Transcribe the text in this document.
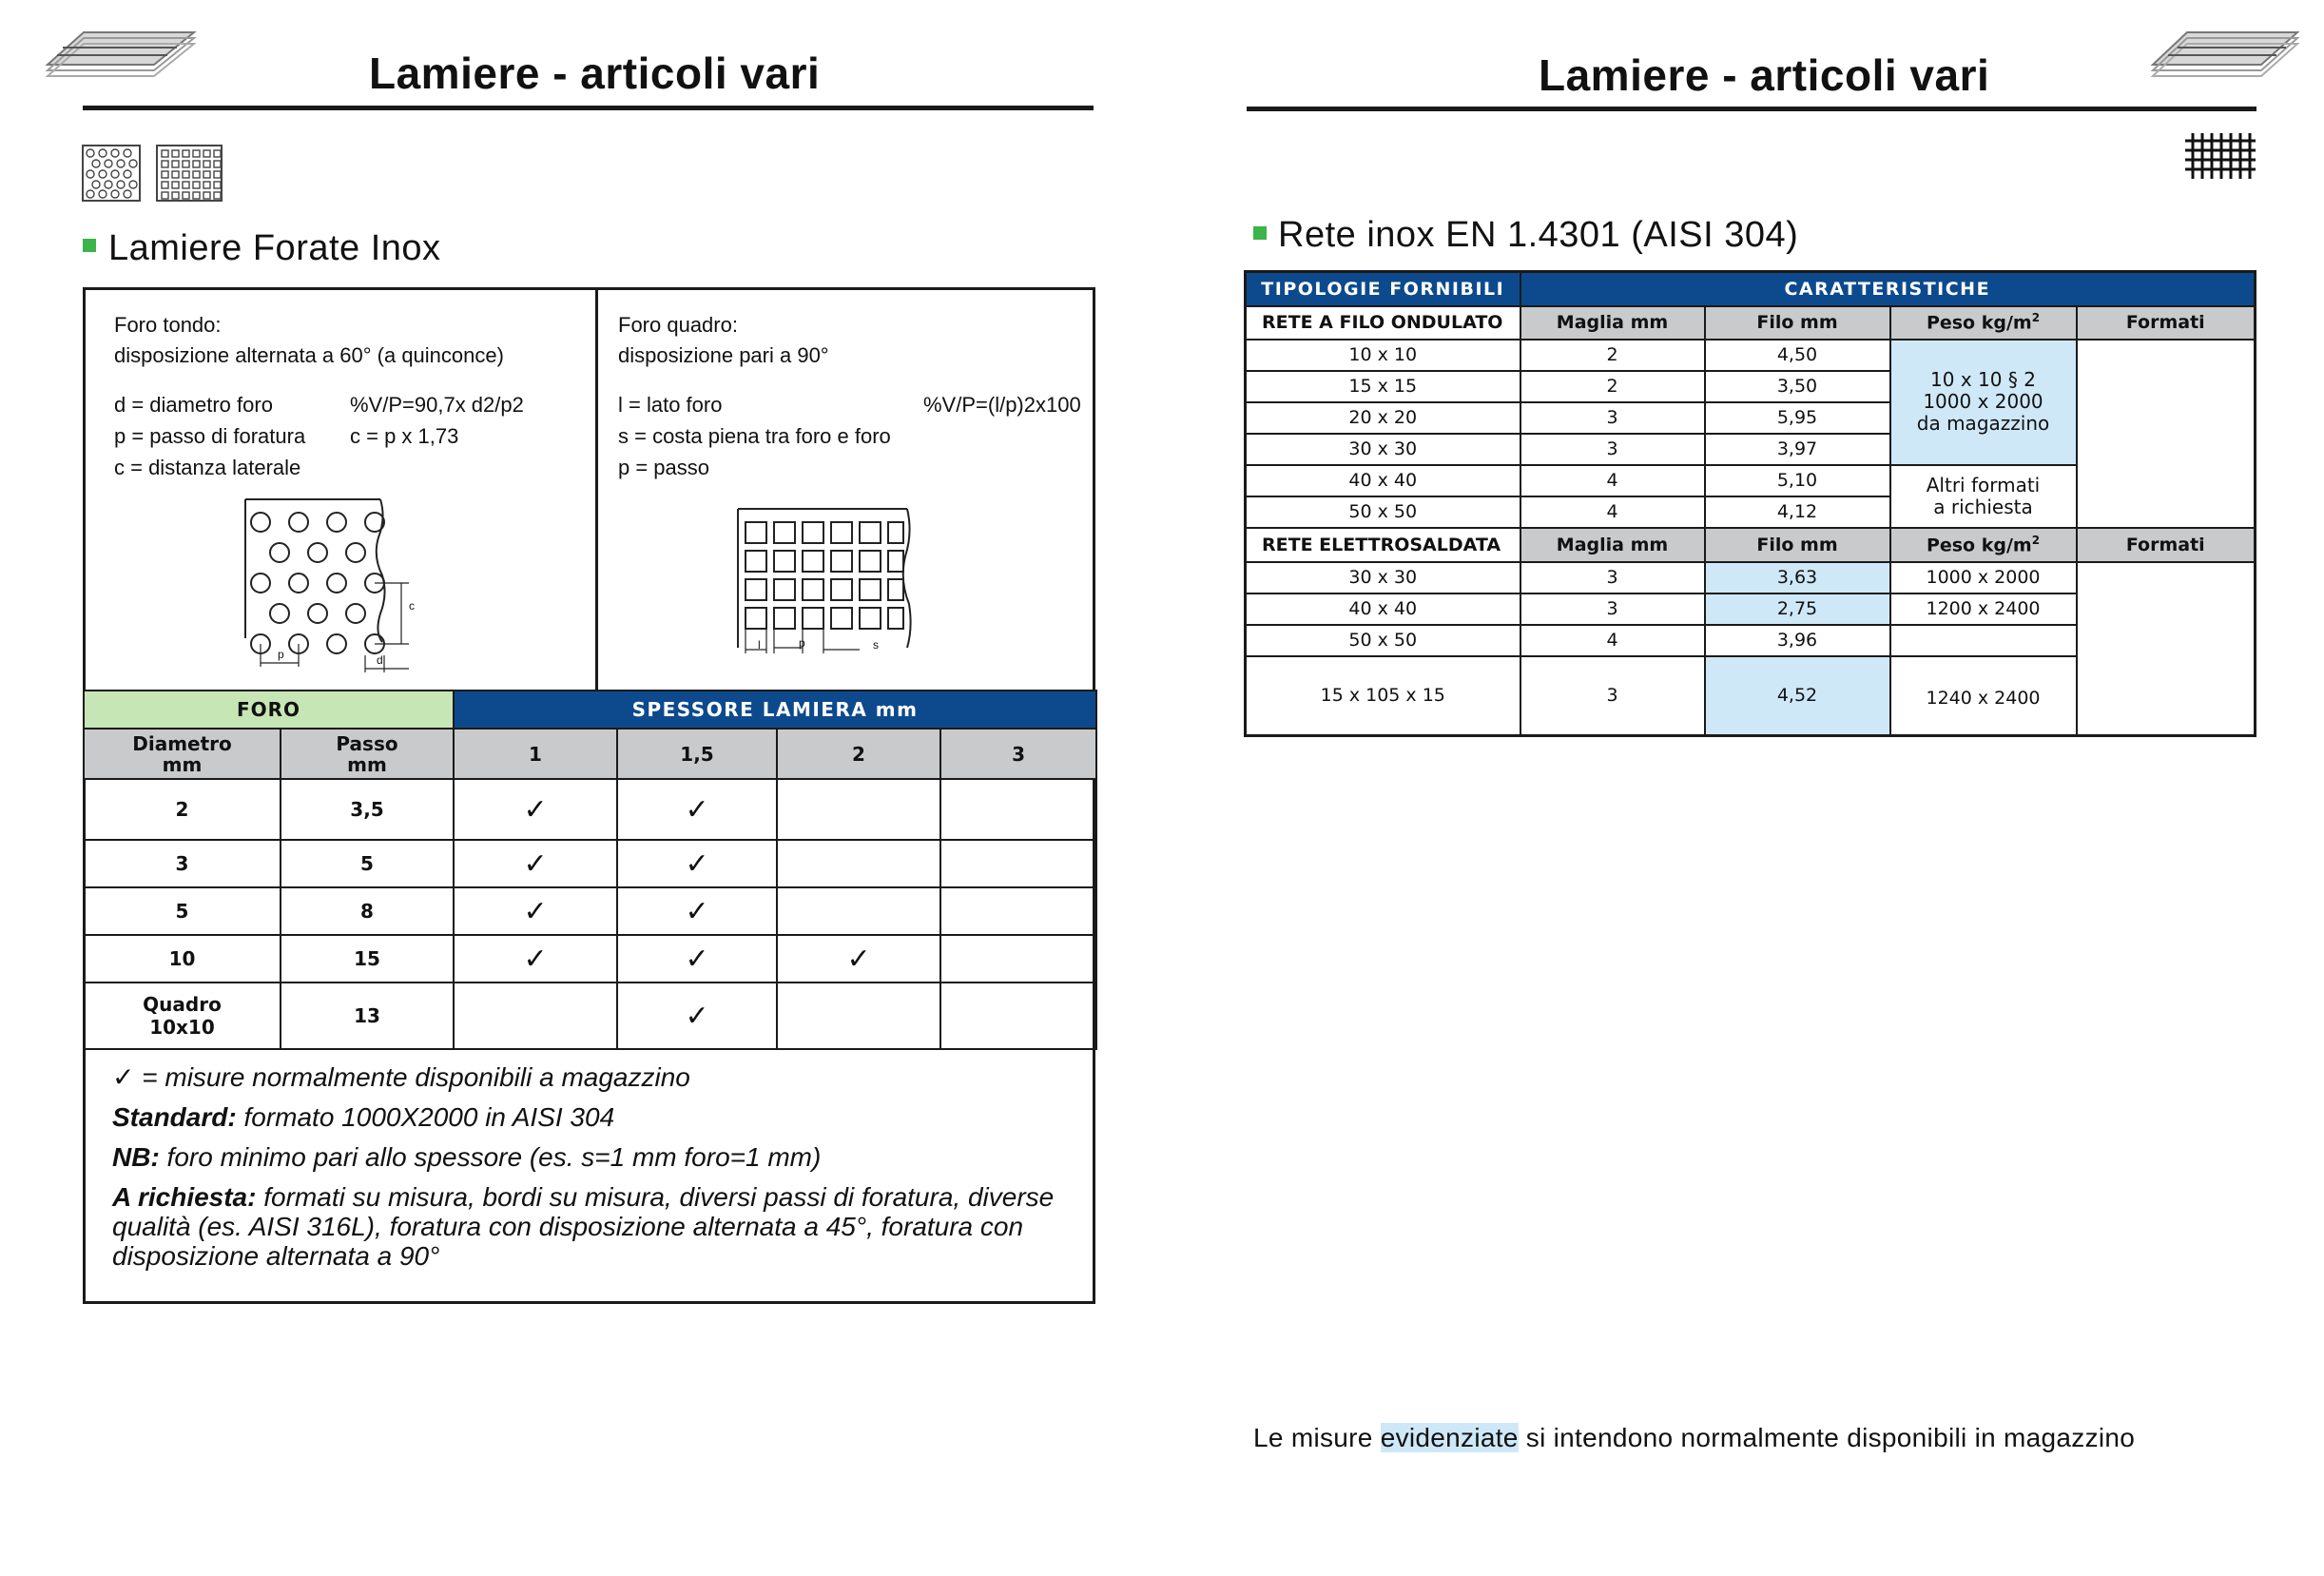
Lamiere - articoli vari
Lamiere Forate Inox
Foro tondo:
disposizione alternata a 60° (a quinconce)
d = diametro foro	%V/P=90,7x d2/p2
p = passo di foratura c = p x 1,73
c = distanza laterale
p	d
c
Foro quadro:
disposizione pari a 90°
l = lato foro	%V/P=(l/p)2x100
s = costa piena tra foro e foro
p = passo
l	p	s
FORO		SPESSORE LAMIERA mm			
Diametro
mm	Passo
mm	1	1,5	2	3
2	3,5	✓	✓		
3	5	✓	✓		
5	8	✓	✓		
10	15	✓	✓	✓	
Quadro
10x10	13		✓		
✓ = misure normalmente disponibili a magazzino
Standard: formato 1000X2000 in AISI 304
NB: foro minimo pari allo spessore (es. s=1 mm foro=1 mm)
A richiesta: formati su misura, bordi su misura, diversi passi di foratura, diverse qualità (es. AISI 316L), foratura con disposizione alternata a 45°, foratura con disposizione alternata a 90°
Lamiere - articoli vari
Rete inox EN 1.4301 (AISI 304)
TIPOLOGIE FORNIBILI	CARATTERISTICHE			
RETE A FILO ONDULATO	Maglia mm	Filo mm	Peso $kg/m^2$	Formati
10 x 10	2	4,50	10 x 10 § 2
1000 x 2000
da magazzino	
15 x 15	2	3,50		
20 x 20	3	5,95		
30 x 30	3	3,97		
40 x 40	4	5,10	Altri formati
a richiesta	
50 x 50	4	4,12		
RETE ELETTROSALDATA	Maglia mm	Filo mm	Peso $kg/m^2$	Formati
30 x 30	3	3,63	1000 x 2000	
40 x 40	3	2,75	1200 x 2400	
50 x 50	4	3,96		
15 x 105 x 15	3	4,52	1240 x 2400	
Le misure evidenziate si intendono normalmente disponibili in magazzino
